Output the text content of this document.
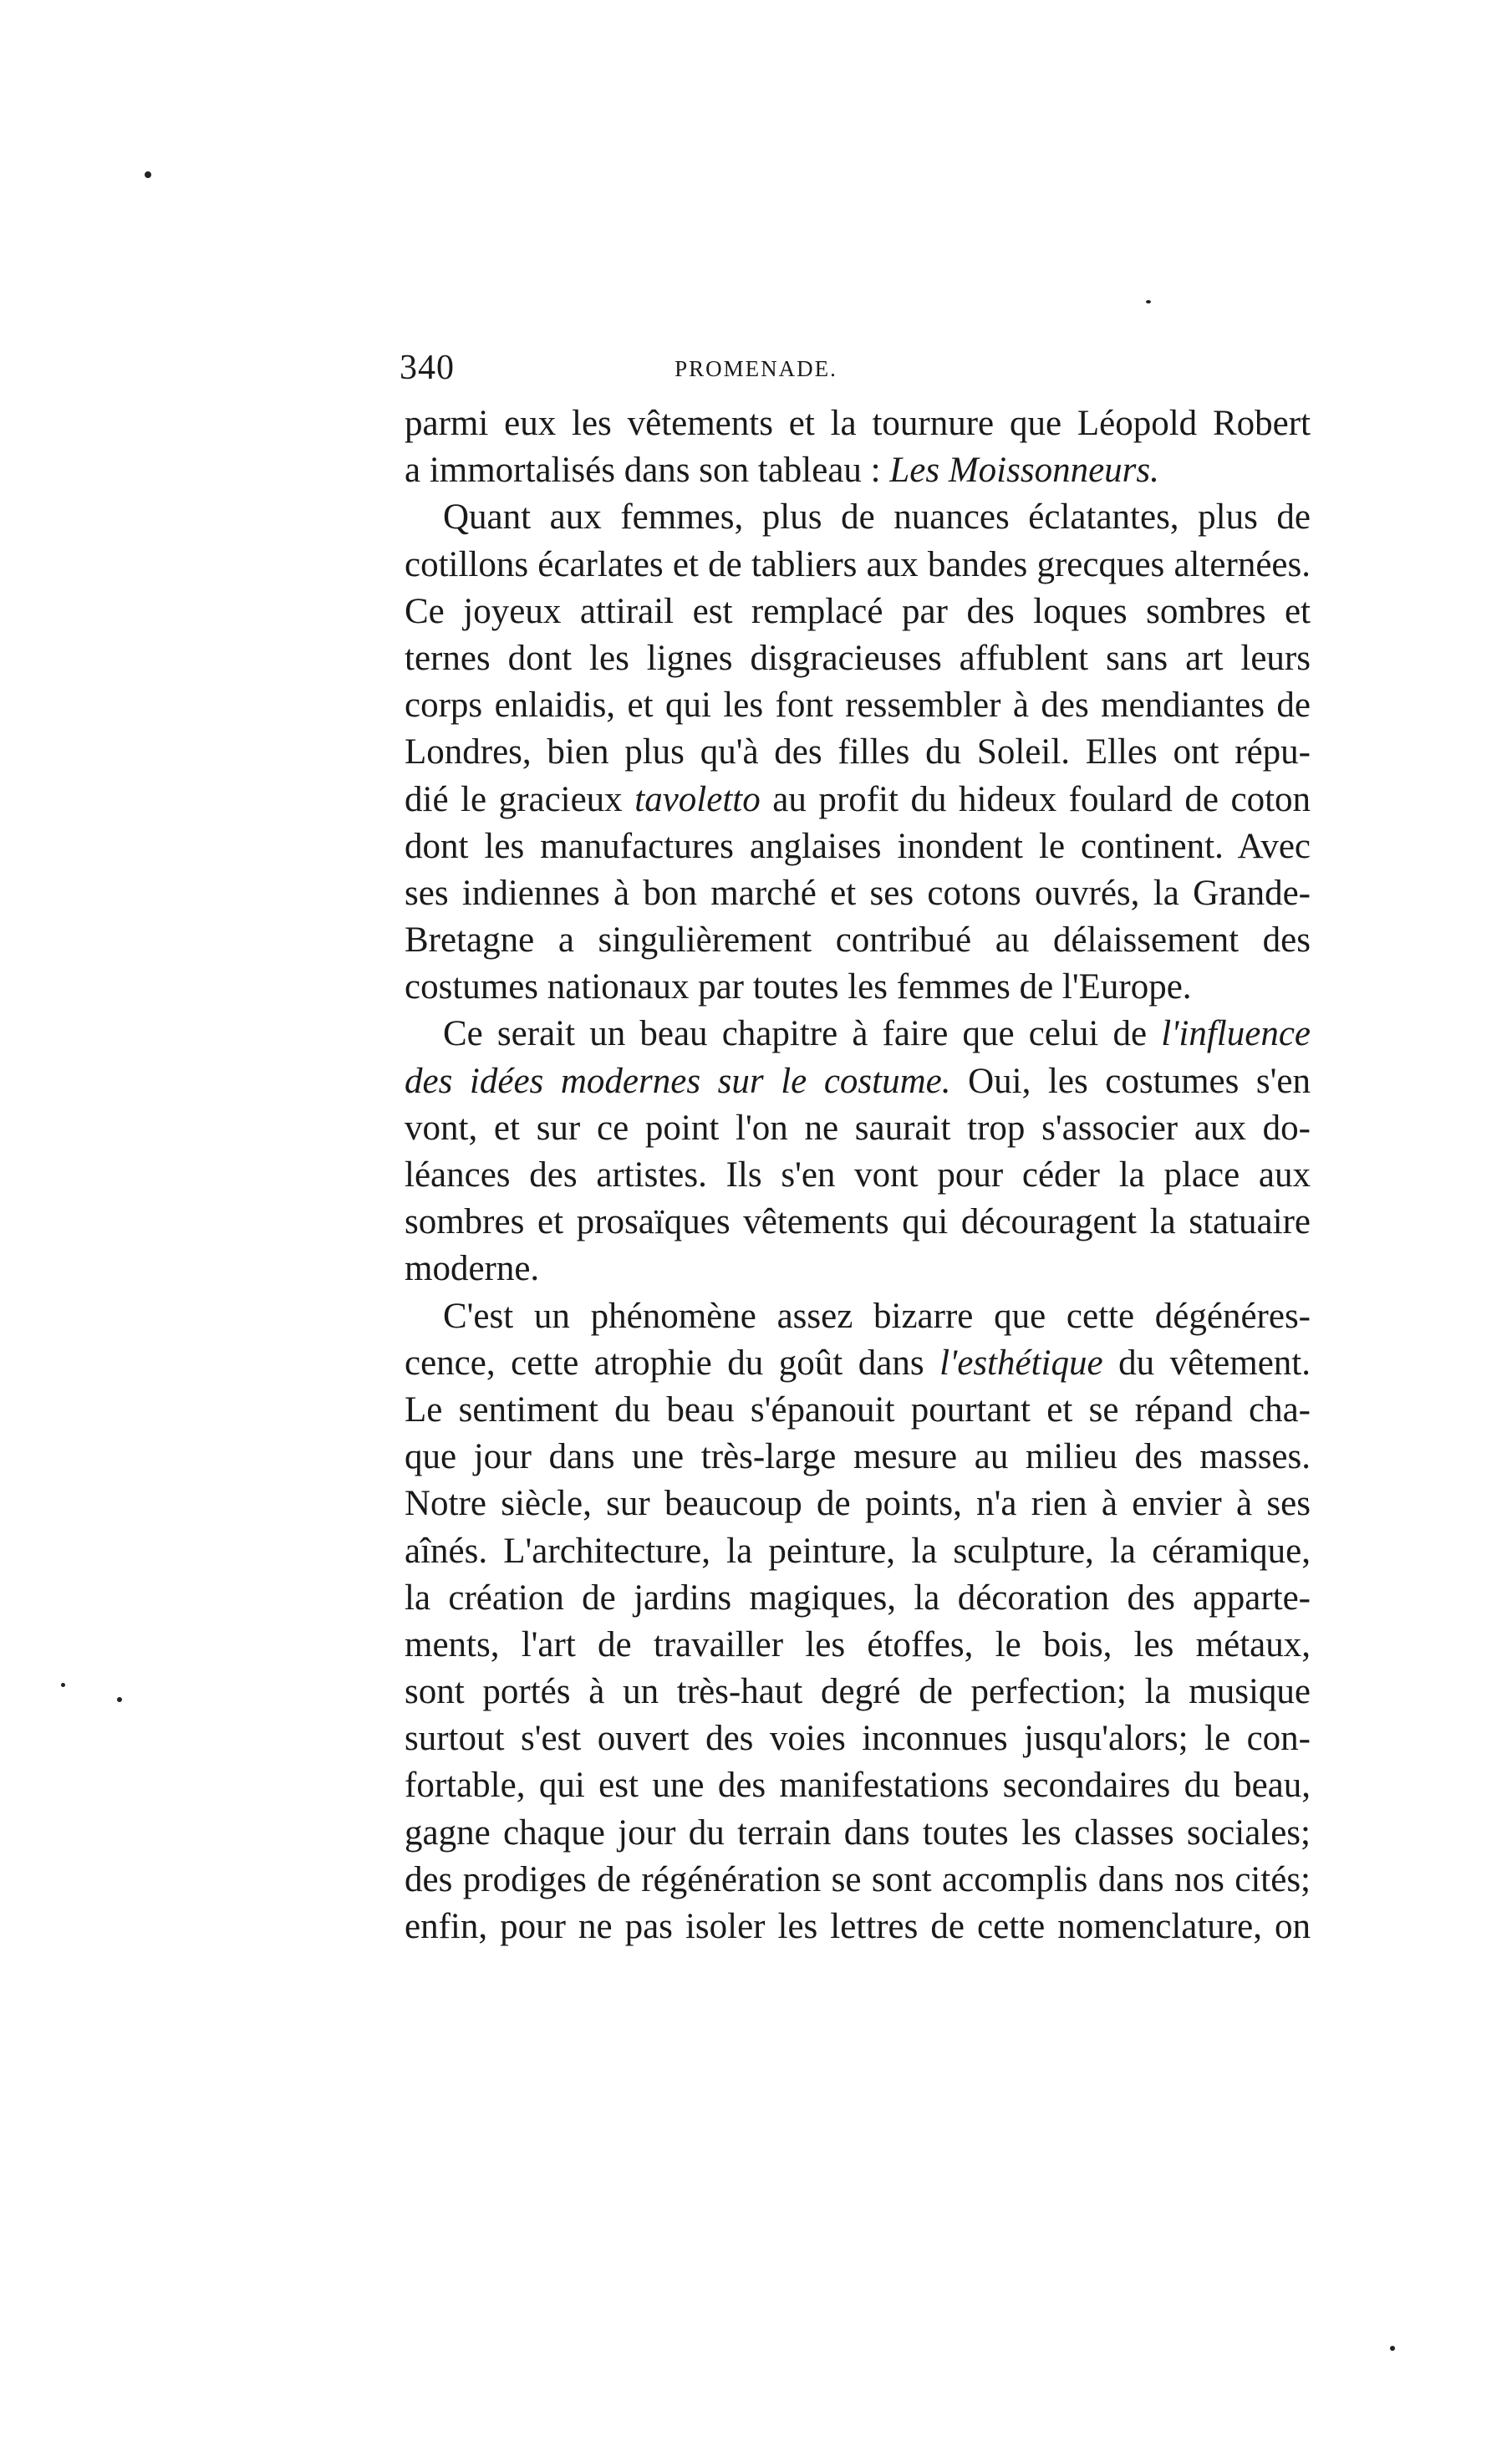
340	PROMENADE.
parmi eux les vêtements et la tournure que Léopold Robert
a immortalisés dans son tableau : Les Moissonneurs.
Quant aux femmes, plus de nuances éclatantes, plus de
cotillons écarlates et de tabliers aux bandes grecques alternées.
Ce joyeux attirail est remplacé par des loques sombres et
ternes dont les lignes disgracieuses affublent sans art leurs
corps enlaidis, et qui les font ressembler à des mendiantes de
Londres, bien plus qu'à des filles du Soleil. Elles ont répu-
dié le gracieux tavoletto au profit du hideux foulard de coton
dont les manufactures anglaises inondent le continent. Avec
ses indiennes à bon marché et ses cotons ouvrés, la Grande-
Bretagne a singulièrement contribué au délaissement des
costumes nationaux par toutes les femmes de l'Europe.
Ce serait un beau chapitre à faire que celui de l'influence
des idées modernes sur le costume. Oui, les costumes s'en
vont, et sur ce point l'on ne saurait trop s'associer aux do-
léances des artistes. Ils s'en vont pour céder la place aux
sombres et prosaïques vêtements qui découragent la statuaire
moderne.
C'est un phénomène assez bizarre que cette dégénéres-
cence, cette atrophie du goût dans l'esthétique du vêtement.
Le sentiment du beau s'épanouit pourtant et se répand cha-
que jour dans une très-large mesure au milieu des masses.
Notre siècle, sur beaucoup de points, n'a rien à envier à ses
aînés. L'architecture, la peinture, la sculpture, la céramique,
la création de jardins magiques, la décoration des apparte-
ments, l'art de travailler les étoffes, le bois, les métaux,
sont portés à un très-haut degré de perfection; la musique
surtout s'est ouvert des voies inconnues jusqu'alors; le con-
fortable, qui est une des manifestations secondaires du beau,
gagne chaque jour du terrain dans toutes les classes sociales;
des prodiges de régénération se sont accomplis dans nos cités;
enfin, pour ne pas isoler les lettres de cette nomenclature, on
